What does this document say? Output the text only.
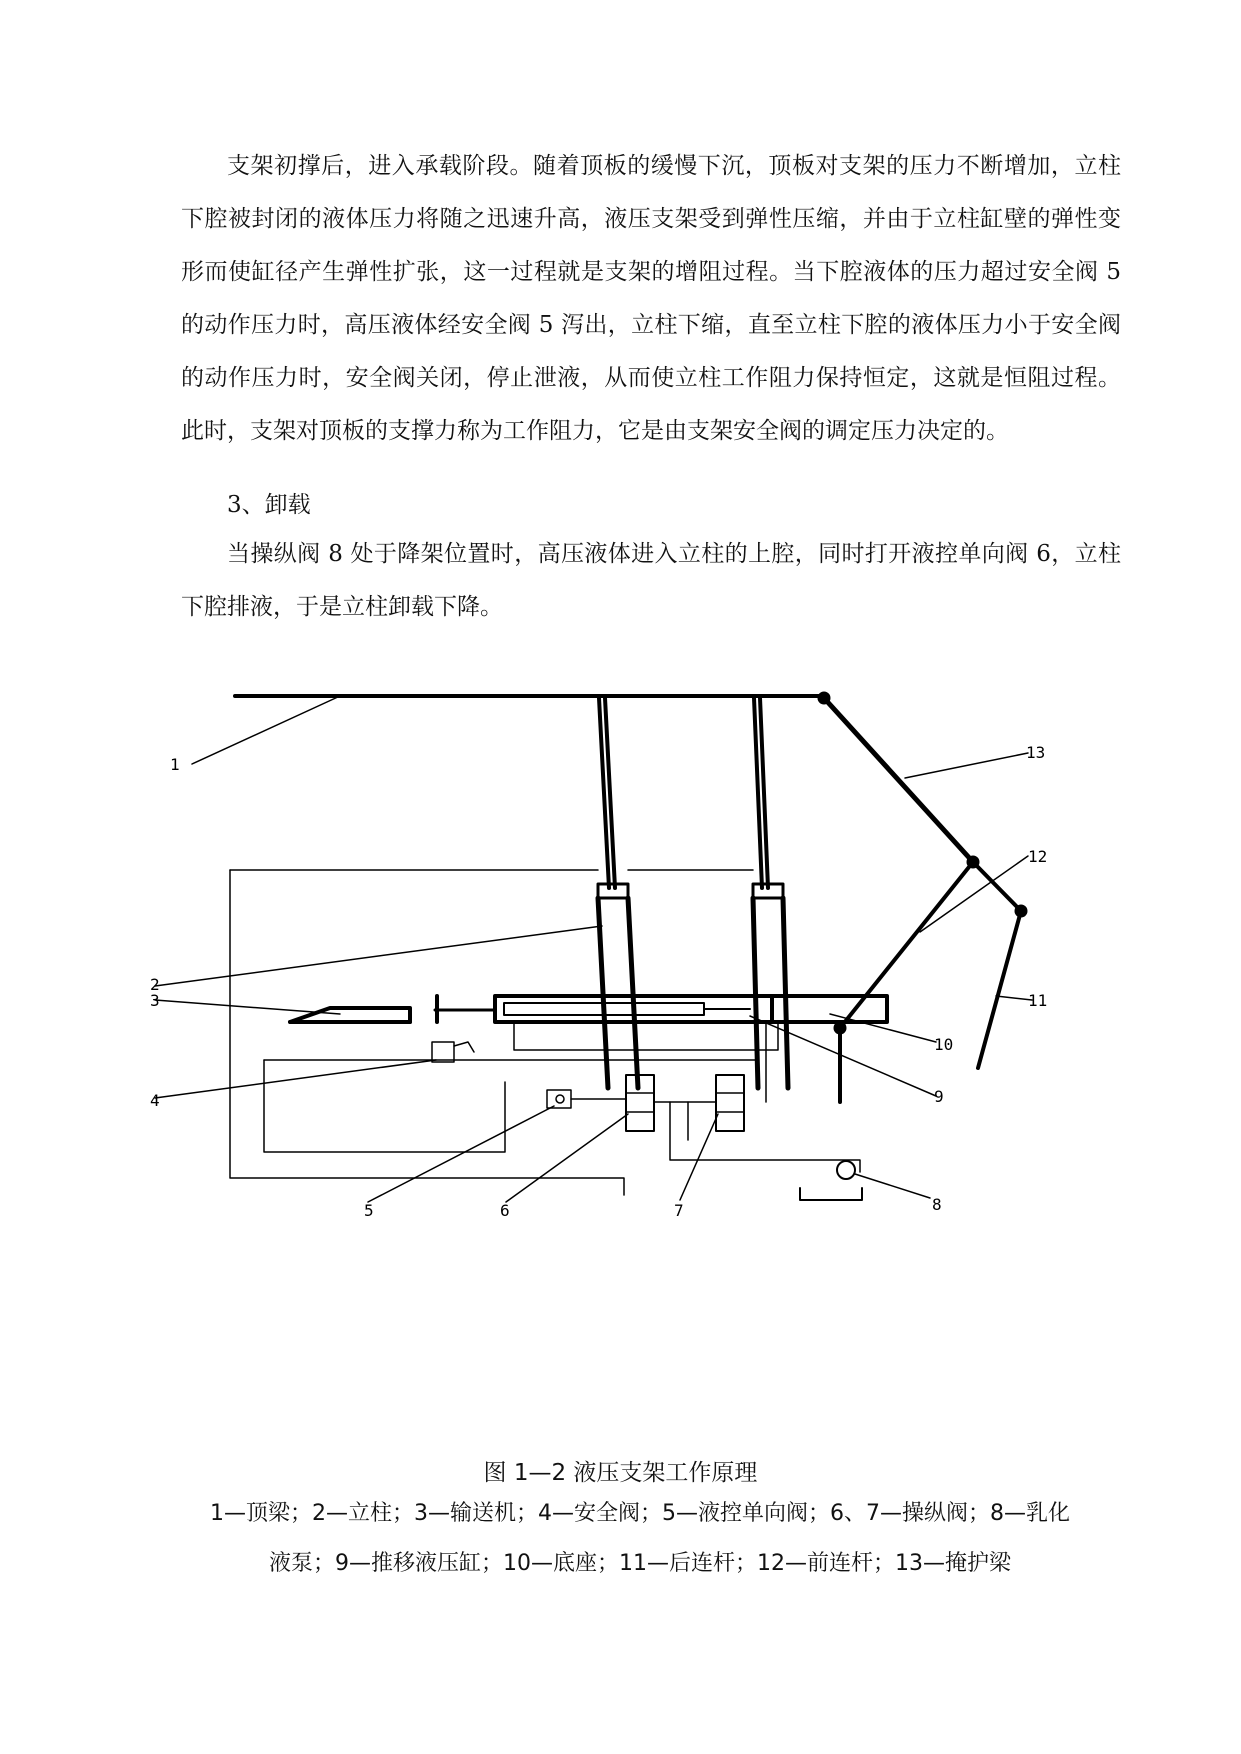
支架初撑后，进入承载阶段。随着顶板的缓慢下沉，顶板对支架的压力不断增加，立柱下腔被封闭的液体压力将随之迅速升高，液压支架受到弹性压缩，并由于立柱缸壁的弹性变形而使缸径产生弹性扩张，这一过程就是支架的增阻过程。当下腔液体的压力超过安全阀 5 的动作压力时，高压液体经安全阀 5 泻出，立柱下缩，直至立柱下腔的液体压力小于安全阀的动作压力时，安全阀关闭，停止泄液，从而使立柱工作阻力保持恒定，这就是恒阻过程。此时，支架对顶板的支撑力称为工作阻力，它是由支架安全阀的调定压力决定的。

3、卸载

当操纵阀 8 处于降架位置时，高压液体进入立柱的上腔，同时打开液控单向阀 6，立柱下腔排液，于是立柱卸载下降。

1
2
3
4
5	6	7	8
9
10
11
12
13

图 1—2 液压支架工作原理

1—顶梁；2—立柱；3—输送机；4—安全阀；5—液控单向阀；6、7—操纵阀；8—乳化

液泵；9—推移液压缸；10—底座；11—后连杆；12—前连杆；13—掩护梁
